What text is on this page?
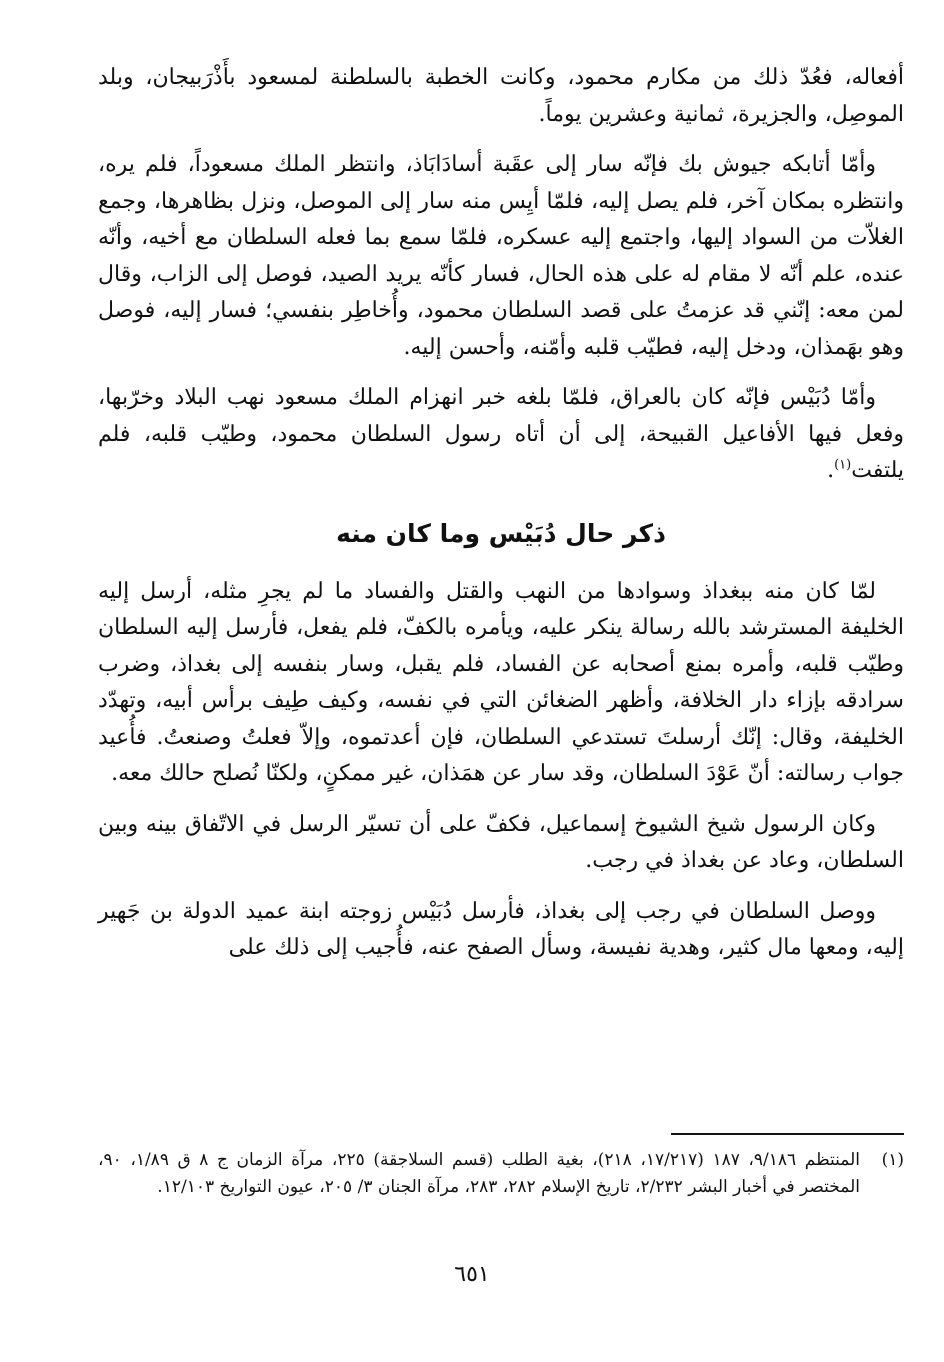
أفعاله، فعُدّ ذلك من مكارم محمود، وكانت الخطبة بالسلطنة لمسعود بأَذْرَبيجان، وبلد الموصِل، والجزيرة، ثمانية وعشرين يوماً.

وأمّا أتابكه جيوش بك فإنّه سار إلى عقَبة أسادَابَاذ، وانتظر الملك مسعوداً، فلم يره، وانتظره بمكان آخر، فلم يصل إليه، فلمّا أيِس منه سار إلى الموصل، ونزل بظاهرها، وجمع الغلاّت من السواد إليها، واجتمع إليه عسكره، فلمّا سمع بما فعله السلطان مع أخيه، وأنّه عنده، علم أنّه لا مقام له على هذه الحال، فسار كأنّه يريد الصيد، فوصل إلى الزاب، وقال لمن معه: إنّني قد عزمتُ على قصد السلطان محمود، وأُخاطِر بنفسي؛ فسار إليه، فوصل وهو بهَمذان، ودخل إليه، فطيّب قلبه وأمّنه، وأحسن إليه.

وأمّا دُبَيْس فإنّه كان بالعراق، فلمّا بلغه خبر انهزام الملك مسعود نهب البلاد وخرّبها، وفعل فيها الأفاعيل القبيحة، إلى أن أتاه رسول السلطان محمود، وطيّب قلبه، فلم يلتفت$^{(١)}$.

ذكر حال دُبَيْس وما كان منه

لمّا كان منه ببغداذ وسوادها من النهب والقتل والفساد ما لم يجرِ مثله، أرسل إليه الخليفة المسترشد بالله رسالة ينكر عليه، ويأمره بالكفّ، فلم يفعل، فأرسل إليه السلطان وطيّب قلبه، وأمره بمنع أصحابه عن الفساد، فلم يقبل، وسار بنفسه إلى بغداذ، وضرب سرادقه بإزاء دار الخلافة، وأظهر الضغائن التي في نفسه، وكيف طِيف برأس أبيه، وتهدّد الخليفة، وقال: إنّك أرسلتَ تستدعي السلطان، فإن أعدتموه، وإلاّ فعلتُ وصنعتُ. فأُعيد جواب رسالته: أنّ عَوْدَ السلطان، وقد سار عن همَذان، غير ممكنٍ، ولكنّا نُصلح حالك معه.

وكان الرسول شيخ الشيوخ إسماعيل، فكفّ على أن تسيّر الرسل في الاتّفاق بينه وبين السلطان، وعاد عن بغداذ في رجب.

ووصل السلطان في رجب إلى بغداذ، فأرسل دُبَيْس زوجته ابنة عميد الدولة بن جَهير إليه، ومعها مال كثير، وهدية نفيسة، وسأل الصفح عنه، فأُجيب إلى ذلك على

(١)
المنتظم ٩/١٨٦، ١٨٧ (١٧/٢١٧، ٢١٨)، بغية الطلب (قسم السلاجقة) ٢٢٥، مرآة الزمان ج ٨ ق ١/٨٩، ٩٠، المختصر في أخبار البشر ٢/٢٣٢، تاريخ الإسلام ٢٨٢، ٢٨٣، مرآة الجنان ٣/ ٢٠٥، عيون التواريخ ١٢/١٠٣.
٦٥١
